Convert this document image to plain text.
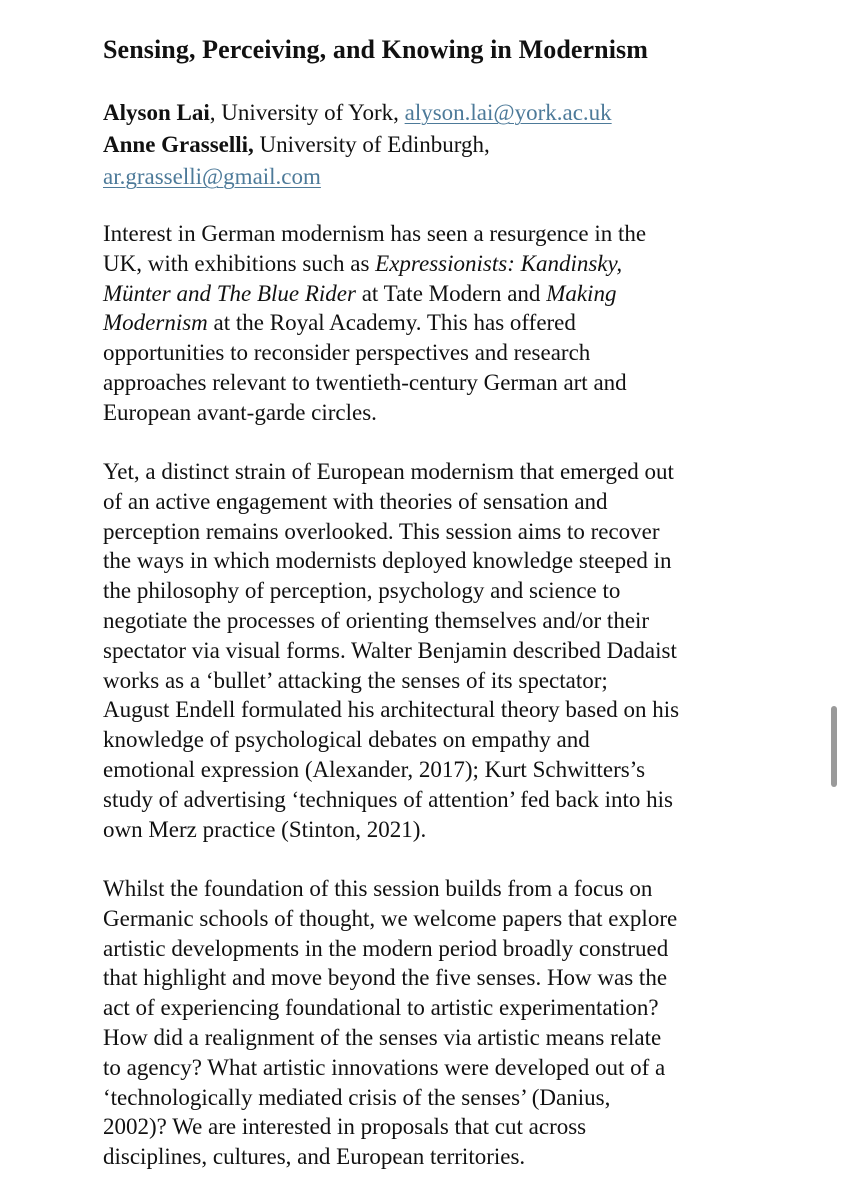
Sensing, Perceiving, and Knowing in Modernism
Alyson Lai, University of York, alyson.lai@york.ac.uk
Anne Grasselli, University of Edinburgh,
ar.grasselli@gmail.com
Interest in German modernism has seen a resurgence in the
UK, with exhibitions such as Expressionists: Kandinsky,
Münter and The Blue Rider at Tate Modern and Making
Modernism at the Royal Academy. This has offered
opportunities to reconsider perspectives and research
approaches relevant to twentieth-century German art and
European avant-garde circles.
Yet, a distinct strain of European modernism that emerged out
of an active engagement with theories of sensation and
perception remains overlooked. This session aims to recover
the ways in which modernists deployed knowledge steeped in
the philosophy of perception, psychology and science to
negotiate the processes of orienting themselves and/or their
spectator via visual forms. Walter Benjamin described Dadaist
works as a ‘bullet’ attacking the senses of its spectator;
August Endell formulated his architectural theory based on his
knowledge of psychological debates on empathy and
emotional expression (Alexander, 2017); Kurt Schwitters’s
study of advertising ‘techniques of attention’ fed back into his
own Merz practice (Stinton, 2021).
Whilst the foundation of this session builds from a focus on
Germanic schools of thought, we welcome papers that explore
artistic developments in the modern period broadly construed
that highlight and move beyond the five senses. How was the
act of experiencing foundational to artistic experimentation?
How did a realignment of the senses via artistic means relate
to agency? What artistic innovations were developed out of a
‘technologically mediated crisis of the senses’ (Danius,
2002)? We are interested in proposals that cut across
disciplines, cultures, and European territories.
